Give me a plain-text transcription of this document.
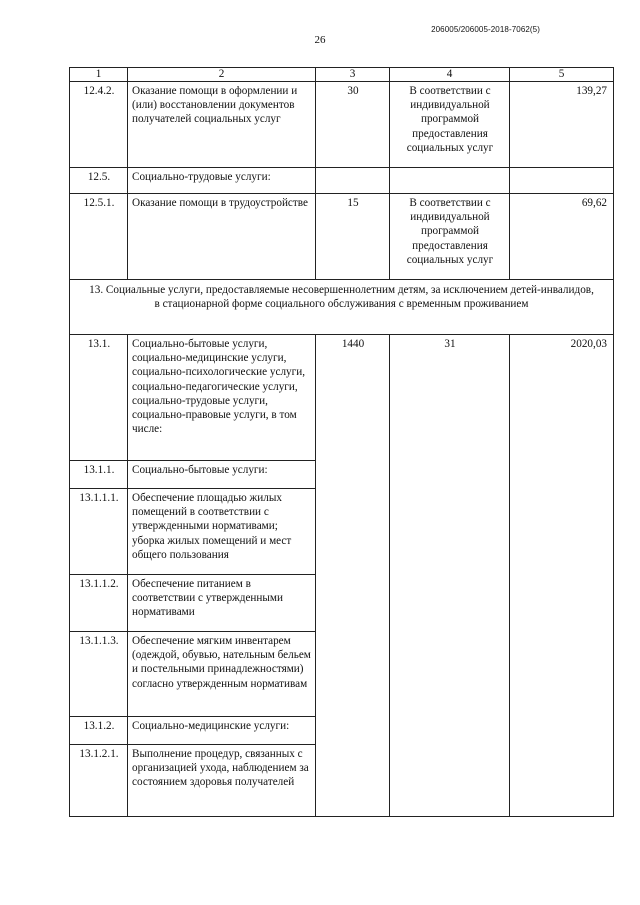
26
206005/206005-2018-7062(5)
1	2	3	4	5
12.4.2.	Оказание помощи в оформлении и (или) восстановлении документов получателей социальных услуг	30	В соответствии с индивидуальной программой предоставления социальных услуг	139,27
12.5.	Социально-трудовые услуги:			
12.5.1.	Оказание помощи в трудоустройстве	15	В соответствии с индивидуальной программой предоставления социальных услуг	69,62
13. Социальные услуги, предоставляемые несовершеннолетним детям, за исключением детей-инвалидов, в стационарной форме социального обслуживания с временным проживанием				
13.1.	Социально-бытовые услуги, социально-медицинские услуги, социально-психологические услуги, социально-педагогические услуги, социально-трудовые услуги, социально-правовые услуги, в том числе:	1440	31	2020,03
13.1.1.	Социально-бытовые услуги:			
13.1.1.1.	Обеспечение площадью жилых помещений в соответствии с утвержденными нормативами; уборка жилых помещений и мест общего пользования			
13.1.1.2.	Обеспечение питанием в соответствии с утвержденными нормативами			
13.1.1.3.	Обеспечение мягким инвентарем (одеждой, обувью, нательным бельем и постельными принадлежностями) согласно утвержденным нормативам			
13.1.2.	Социально-медицинские услуги:			
13.1.2.1.	Выполнение процедур, связанных с организацией ухода, наблюдением за состоянием здоровья получателей			
